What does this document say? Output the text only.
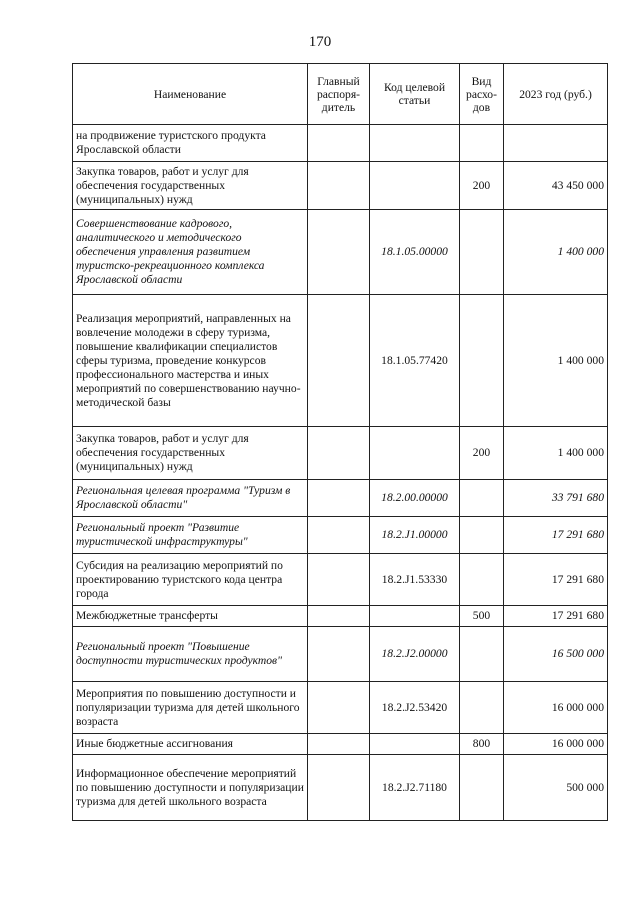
170
Наименование	Главный распоря-дитель	Код целевой статьи	Вид расхо-дов	2023 год (руб.)
на продвижение туристского продукта Ярославской области				
Закупка товаров, работ и услуг для обеспечения государственных (муниципальных) нужд			200	43 450 000
Совершенствование кадрового, аналитического и методического обеспечения управления развитием туристско-рекреационного комплекса Ярославской области		18.1.05.00000		1 400 000
Реализация мероприятий, направленных на вовлечение молодежи в сферу туризма, повышение квалификации специалистов сферы туризма, проведение конкурсов профессионального мастерства и иных мероприятий по совершенствованию научно-методической базы		18.1.05.77420		1 400 000
Закупка товаров, работ и услуг для обеспечения государственных (муниципальных) нужд			200	1 400 000
Региональная целевая программа "Туризм в Ярославской области"		18.2.00.00000		33 791 680
Региональный проект "Развитие туристической инфраструктуры"		18.2.J1.00000		17 291 680
Субсидия на реализацию мероприятий по проектированию туристского кода центра города		18.2.J1.53330		17 291 680
Межбюджетные трансферты			500	17 291 680
Региональный проект "Повышение доступности туристических продуктов"		18.2.J2.00000		16 500 000
Мероприятия по повышению доступности и популяризации туризма для детей школьного возраста		18.2.J2.53420		16 000 000
Иные бюджетные ассигнования			800	16 000 000
Информационное обеспечение мероприятий по повышению доступности и популяризации туризма для детей школьного возраста		18.2.J2.71180		500 000
